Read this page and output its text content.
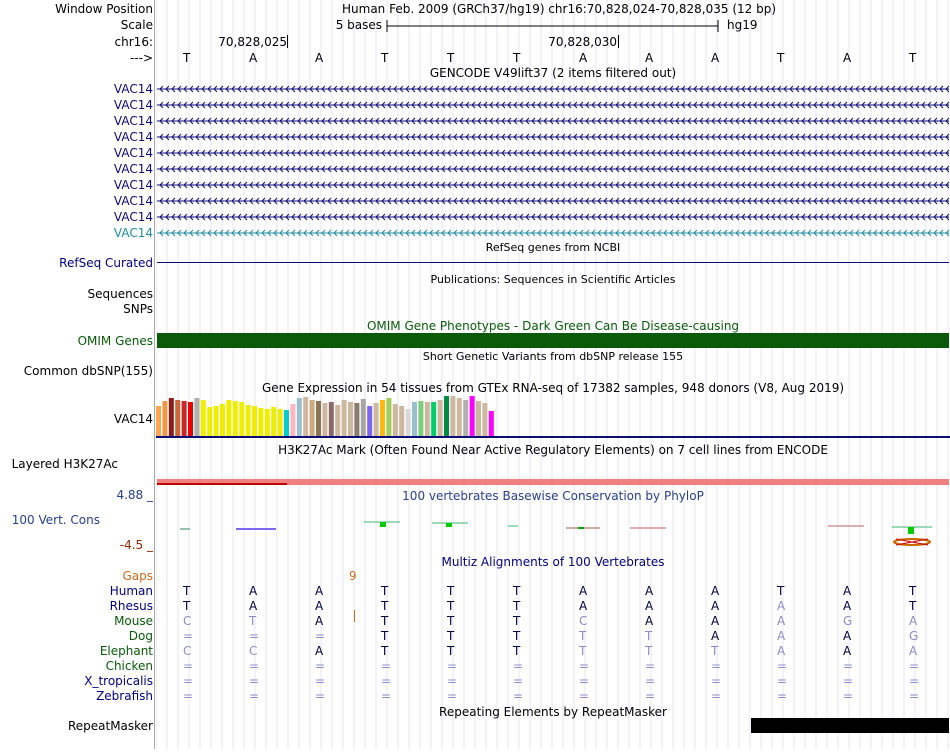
Window Position	Human Feb. 2009 (GRCh37/hg19) chr16:70,828,024-70,828,035 (12 bp)
Scale	5 bases	hg19
chr16:	70,828,025	70,828,030
--->	T	A	A	T	T	T	A	A	A	T	A	T
GENCODE V49lift37 (2 items filtered out)
VAC14
VAC14
VAC14
VAC14
VAC14
VAC14
VAC14
VAC14
VAC14
VAC14
RefSeq genes from NCBI
RefSeq Curated
Publications: Sequences in Scientific Articles
Sequences
SNPs
OMIM Gene Phenotypes - Dark Green Can Be Disease-causing
OMIM Genes
Short Genetic Variants from dbSNP release 155
Common dbSNP(155)
Gene Expression in 54 tissues from GTEx RNA-seq of 17382 samples, 948 donors (V8, Aug 2019)
VAC14
H3K27Ac Mark (Often Found Near Active Regulatory Elements) on 7 cell lines from ENCODE
Layered H3K27Ac
4.88 _	100 vertebrates Basewise Conservation by PhyloP
100 Vert. Cons
-4.5 _
Multiz Alignments of 100 Vertebrates
Gaps	9
Human	T	A	A	T	T	T	A	A	A	T	A	T
Rhesus	T	A	A	T	T	T	A	A	A	A	A	T
Mouse	C	T	A	T	T	T	C	A	A	A	G	A
Dog	=	=	=	T	T	T	T	T	A	A	A	G
Elephant	C	C	A	T	T	T	T	T	T	A	A	A
Chicken	=	=	=	=	=	=	=	=	=	=	=	=
X_tropicalis	=	=	=	=	=	=	=	=	=	=	=	=
Zebrafish	=	=	=	=	=	=	=	=	=	=	=	=
Repeating Elements by RepeatMasker
RepeatMasker
